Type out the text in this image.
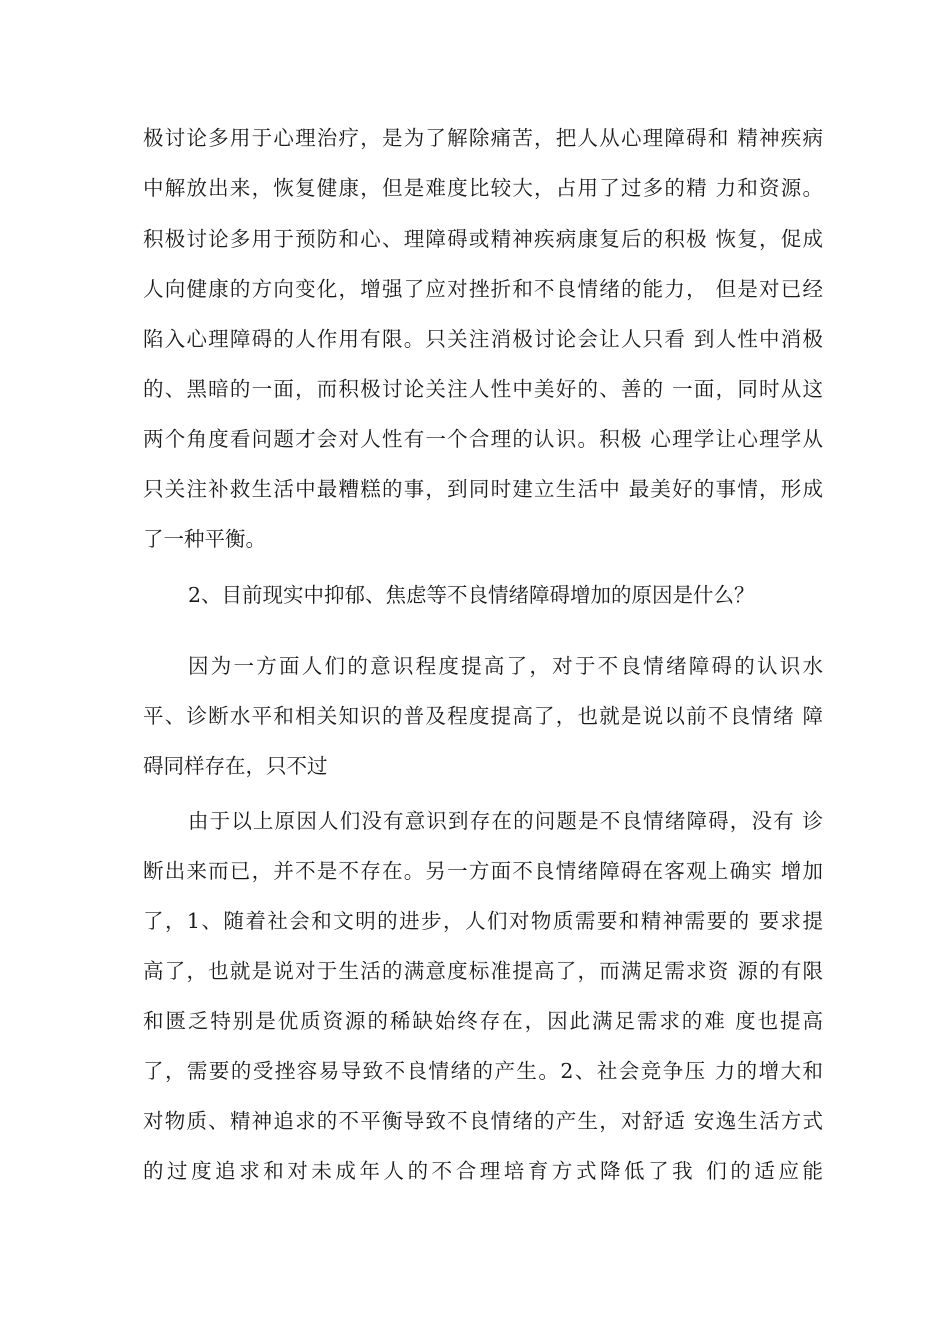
极讨论多用于心理治疗，是为了解除痛苦，把人从心理障碍和 精神疾病

中解放出来，恢复健康，但是难度比较大，占用了过多的精 力和资源。

积极讨论多用于预防和心、理障碍或精神疾病康复后的积极 恢复，促成

人向健康的方向变化，增强了应对挫折和不良情绪的能力， 但是对已经

陷入心理障碍的人作用有限。只关注消极讨论会让人只看 到人性中消极

的、黑暗的一面，而积极讨论关注人性中美好的、善的 一面，同时从这

两个角度看问题才会对人性有一个合理的认识。积极 心理学让心理学从

只关注补救生活中最糟糕的事，到同时建立生活中 最美好的事情，形成

了一种平衡。

2、目前现实中抑郁、焦虑等不良情绪障碍增加的原因是什么？

因为一方面人们的意识程度提高了，对于不良情绪障碍的认识水

平、诊断水平和相关知识的普及程度提高了，也就是说以前不良情绪 障

碍同样存在，只不过

由于以上原因人们没有意识到存在的问题是不良情绪障碍，没有 诊

断出来而已，并不是不存在。另一方面不良情绪障碍在客观上确实 增加

了，1、随着社会和文明的进步，人们对物质需要和精神需要的 要求提

高了，也就是说对于生活的满意度标准提高了，而满足需求资 源的有限

和匮乏特别是优质资源的稀缺始终存在，因此满足需求的难 度也提高

了，需要的受挫容易导致不良情绪的产生。2、社会竞争压 力的增大和

对物质、精神追求的不平衡导致不良情绪的产生，对舒适 安逸生活方式

的过度追求和对未成年人的不合理培育方式降低了我 们的适应能
